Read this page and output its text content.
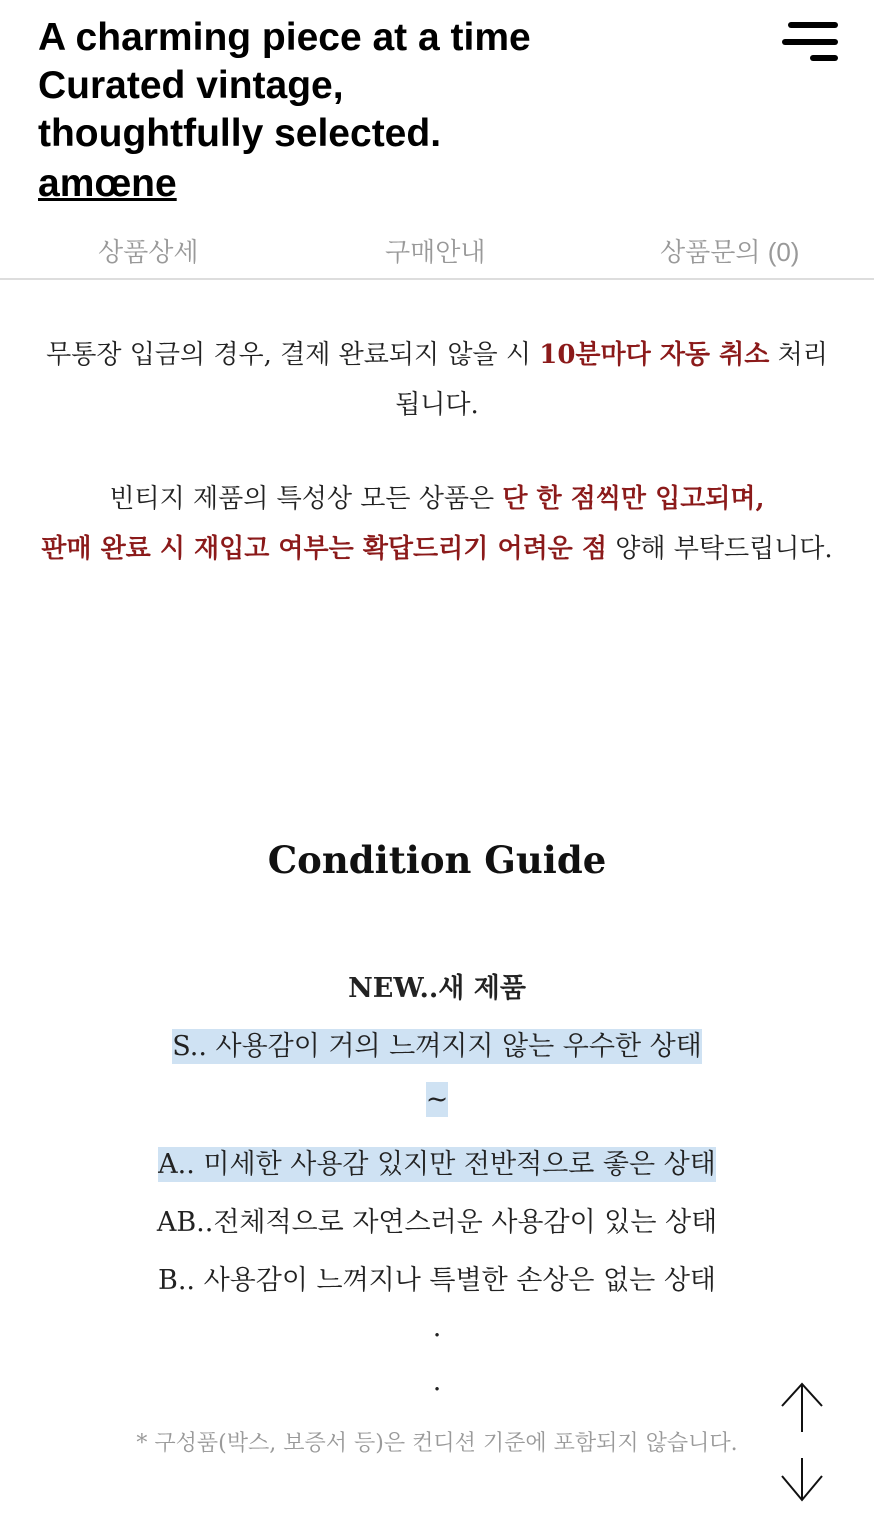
A charming piece at a time
Curated vintage,
thoughtfully selected.
amœne
상품상세	구매안내	상품문의 (0)
무통장 입금의 경우, 결제 완료되지 않을 시 10분마다 자동 취소 처리
됩니다.
빈티지 제품의 특성상 모든 상품은 단 한 점씩만 입고되며,
판매 완료 시 재입고 여부는 확답드리기 어려운 점 양해 부탁드립니다.
Condition Guide
NEW..새 제품
S.. 사용감이 거의 느껴지지 않는 우수한 상태
~
A.. 미세한 사용감 있지만 전반적으로 좋은 상태
AB..전체적으로 자연스러운 사용감이 있는 상태
B.. 사용감이 느껴지나 특별한 손상은 없는 상태
.
.
* 구성품(박스, 보증서 등)은 컨디션 기준에 포함되지 않습니다.
